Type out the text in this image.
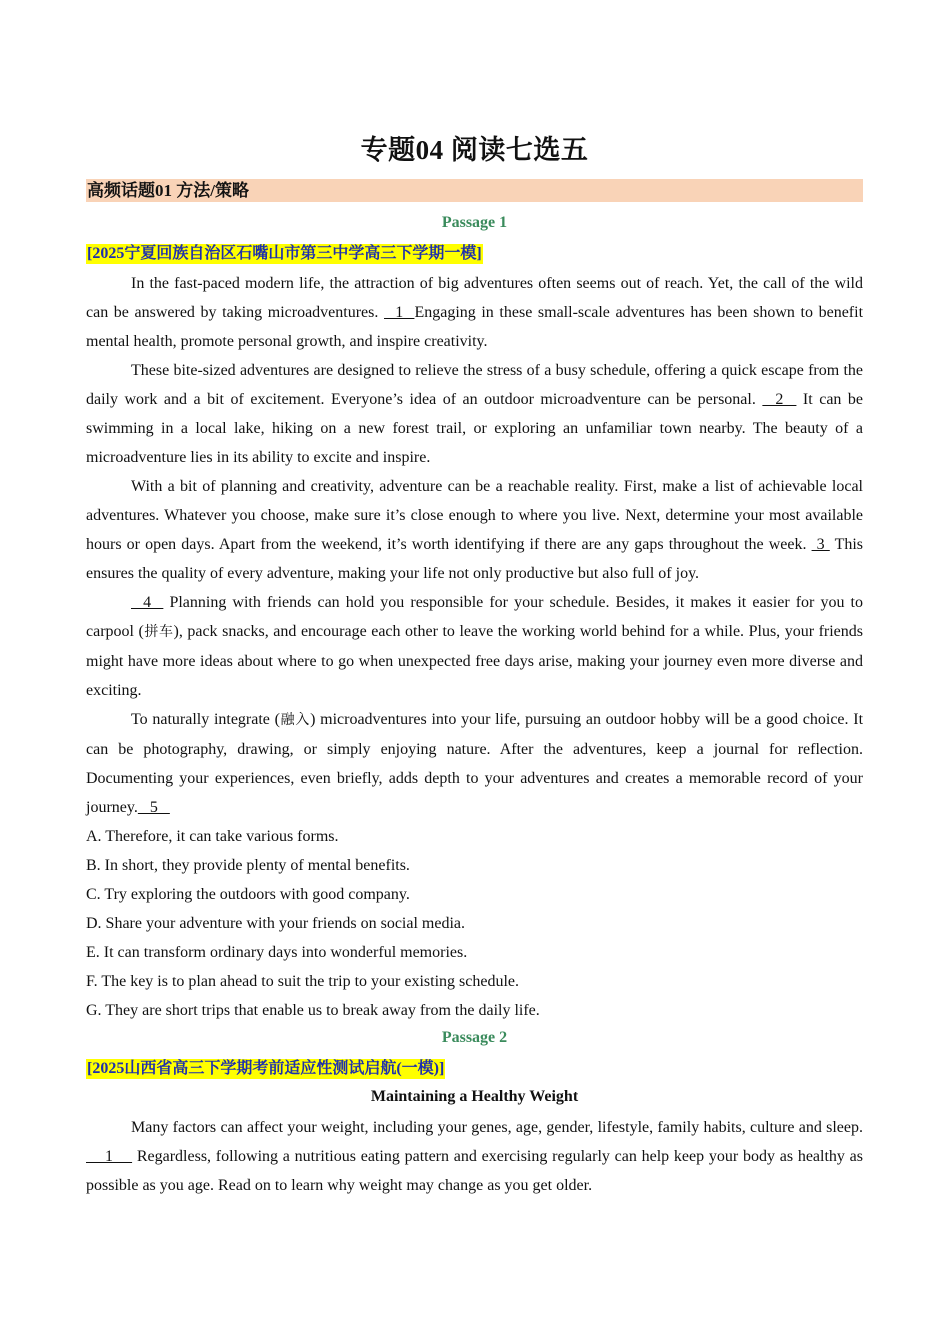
专题04 阅读七选五
高频话题01 方法/策略
Passage 1
[2025宁夏回族自治区石嘴山市第三中学高三下学期一模]

In the fast-paced modern life, the attraction of big adventures often seems out of reach. Yet, the call of the wild can be answered by taking microadventures.   1  Engaging in these small-scale adventures has been shown to benefit mental health, promote personal growth, and inspire creativity.

These bite-sized adventures are designed to relieve the stress of a busy schedule, offering a quick escape from the daily work and a bit of excitement. Everyone’s idea of an outdoor microadventure can be personal.   2   It can be swimming in a local lake, hiking on a new forest trail, or exploring an unfamiliar town nearby. The beauty of a microadventure lies in its ability to excite and inspire.

With a bit of planning and creativity, adventure can be a reachable reality. First, make a list of achievable local adventures. Whatever you choose, make sure it’s close enough to where you live. Next, determine your most available hours or open days. Apart from the weekend, it’s worth identifying if there are any gaps throughout the week.  3  This ensures the quality of every adventure, making your life not only productive but also full of joy.

4   Planning with friends can hold you responsible for your schedule. Besides, it makes it easier for you to carpool (拼车), pack snacks, and encourage each other to leave the working world behind for a while. Plus, your friends might have more ideas about where to go when unexpected free days arise, making your journey even more diverse and exciting.

To naturally integrate (融入) microadventures into your life, pursuing an outdoor hobby will be a good choice. It can be photography, drawing, or simply enjoying nature. After the adventures, keep a journal for reflection. Documenting your experiences, even briefly, adds depth to your adventures and creates a memorable record of your journey.   5

A. Therefore, it can take various forms.
B. In short, they provide plenty of mental benefits.
C. Try exploring the outdoors with good company.
D. Share your adventure with your friends on social media.
E. It can transform ordinary days into wonderful memories.
F. The key is to plan ahead to suit the trip to your existing schedule.
G. They are short trips that enable us to break away from the daily life.
Passage 2
[2025山西省高三下学期考前适应性测试启航(一模)]
Maintaining a Healthy Weight

Many factors can affect your weight, including your genes, age, gender, lifestyle, family habits, culture and sleep.     1     Regardless, following a nutritious eating pattern and exercising regularly can help keep your body as healthy as possible as you age. Read on to learn why weight may change as you get older.
